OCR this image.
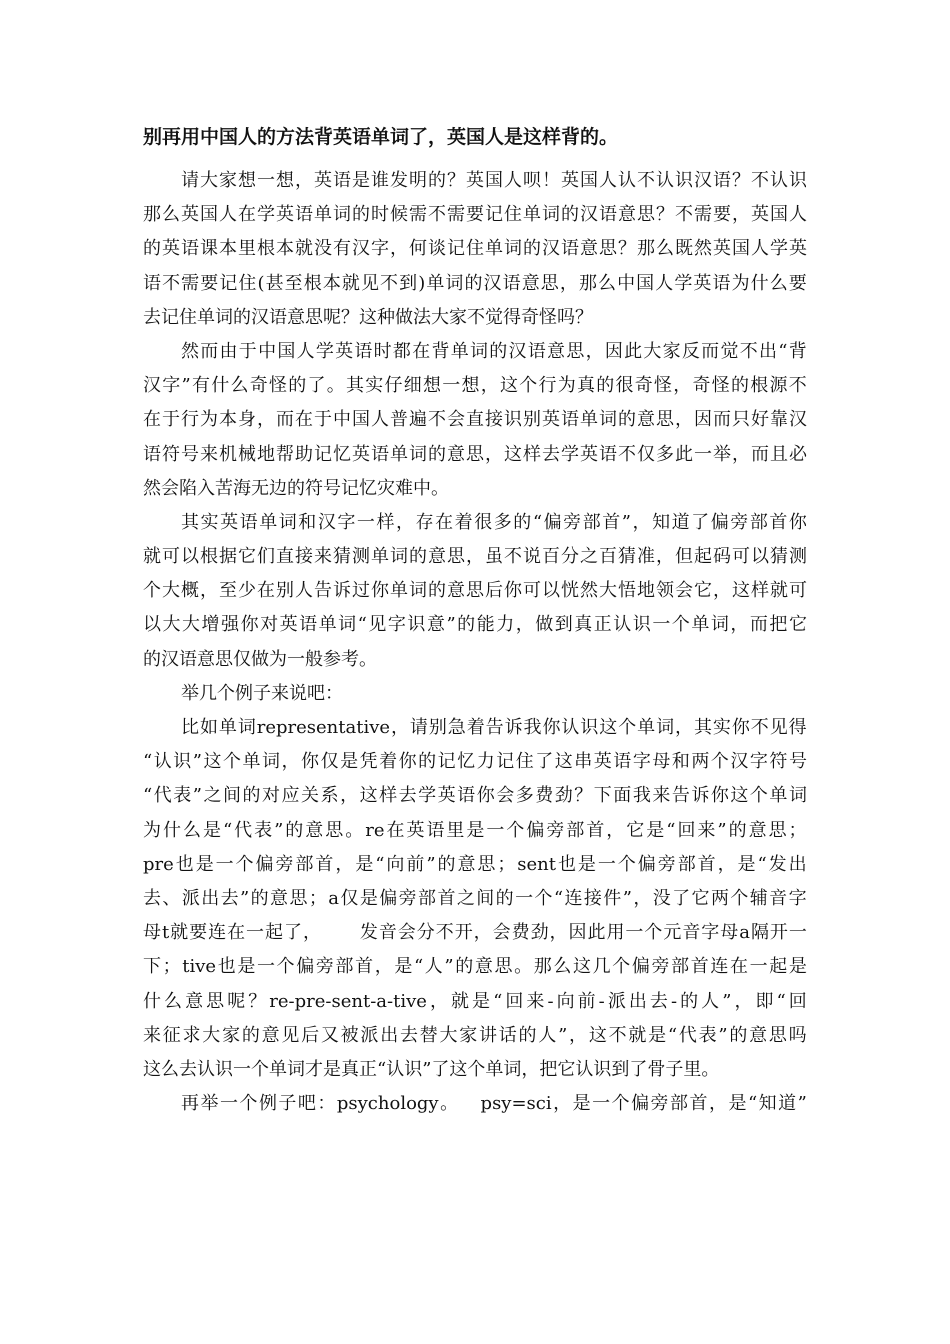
别再用中国人的方法背英语单词了，英国人是这样背的。
请 大 家 想 一 想 ， 英 语 是 谁 发 明 的 ？ 英 国 人 呗 ！ 英 国 人 认 不 认 识 汉 语 ？ 不 认 识
那 么 英 国 人 在 学 英 语 单 词 的 时 候 需 不 需 要 记 住 单 词 的 汉 语 意 思 ？ 不 需 要 ， 英 国 人
的 英 语 课 本 里 根 本 就 没 有 汉 字 ， 何 谈 记 住 单 词 的 汉 语 意 思 ？ 那 么 既 然 英 国 人 学 英
语 不 需 要 记 住 ( 甚 至 根 本 就 见 不 到 ) 单 词 的 汉 语 意 思 ， 那 么 中 国 人 学 英 语 为 什 么 要
去记住单词的汉语意思呢？这种做法大家不觉得奇怪吗？
然 而 由 于 中 国 人 学 英 语 时 都 在 背 单 词 的 汉 语 意 思 ， 因 此 大 家 反 而 觉 不 出 “ 背
汉 字 ” 有 什 么 奇 怪 的 了 。 其 实 仔 细 想 一 想 ， 这 个 行 为 真 的 很 奇 怪 ， 奇 怪 的 根 源 不
在 于 行 为 本 身 ， 而 在 于 中 国 人 普 遍 不 会 直 接 识 别 英 语 单 词 的 意 思 ， 因 而 只 好 靠 汉
语 符 号 来 机 械 地 帮 助 记 忆 英 语 单 词 的 意 思 ， 这 样 去 学 英 语 不 仅 多 此 一 举 ， 而 且 必
然会陷入苦海无边的符号记忆灾难中。
其 实 英 语 单 词 和 汉 字 一 样 ， 存 在 着 很 多 的 “ 偏 旁 部 首 ” ， 知 道 了 偏 旁 部 首 你
就 可 以 根 据 它 们 直 接 来 猜 测 单 词 的 意 思 ， 虽 不 说 百 分 之 百 猜 准 ， 但 起 码 可 以 猜 测
个 大 概 ， 至 少 在 别 人 告 诉 过 你 单 词 的 意 思 后 你 可 以 恍 然 大 悟 地 领 会 它 ， 这 样 就 可
以 大 大 增 强 你 对 英 语 单 词 “ 见 字 识 意 ” 的 能 力 ， 做 到 真 正 认 识 一 个 单 词 ， 而 把 它
的汉语意思仅做为一般参考。
举几个例子来说吧：
比 如 单 词 representative ， 请 别 急 着 告 诉 我 你 认 识 这 个 单 词 ， 其 实 你 不 见 得
“ 认 识 ” 这 个 单 词 ， 你 仅 是 凭 着 你 的 记 忆 力 记 住 了 这 串 英 语 字 母 和 两 个 汉 字 符 号
“ 代 表 ” 之 间 的 对 应 关 系 ， 这 样 去 学 英 语 你 会 多 费 劲 ？ 下 面 我 来 告 诉 你 这 个 单 词
为 什 么 是 “ 代 表 ” 的 意 思 。 re 在 英 语 里 是 一 个 偏 旁 部 首 ， 它 是 “ 回 来 ” 的 意 思 ；
pre 也 是 一 个 偏 旁 部 首 ， 是 “ 向 前 ” 的 意 思 ； sent 也 是 一 个 偏 旁 部 首 ， 是 “ 发 出
去 、 派 出 去 ” 的 意 思 ； a 仅 是 偏 旁 部 首 之 间 的 一 个 “ 连 接 件 ” ， 没 了 它 两 个 辅 音 字
母 t 就 要 连 在 一 起 了 ，

　 发 音 会 分 不 开 ， 会 费 劲 ， 因 此 用 一 个 元 音 字 母 a 隔 开 一
下 ； tive 也 是 一 个 偏 旁 部 首 ， 是 “ 人 ” 的 意 思 。 那 么 这 几 个 偏 旁 部 首 连 在 一 起 是
什 么 意 思 呢 ？ re-pre-sent-a-tive ， 就 是 “ 回 来 - 向 前 - 派 出 去 - 的 人 ” ， 即 “ 回
来 征 求 大 家 的 意 见 后 又 被 派 出 去 替 大 家 讲 话 的 人 ” ， 这 不 就 是 “ 代 表 ” 的 意 思 吗
这么去认识一个单词才是真正“认识”了这个单词，把它认识到了骨子里。
再 举 一 个 例 子 吧 ： psychology 。
　 psy=sci ， 是 一 个 偏 旁 部 首 ， 是 “ 知 道 ”
